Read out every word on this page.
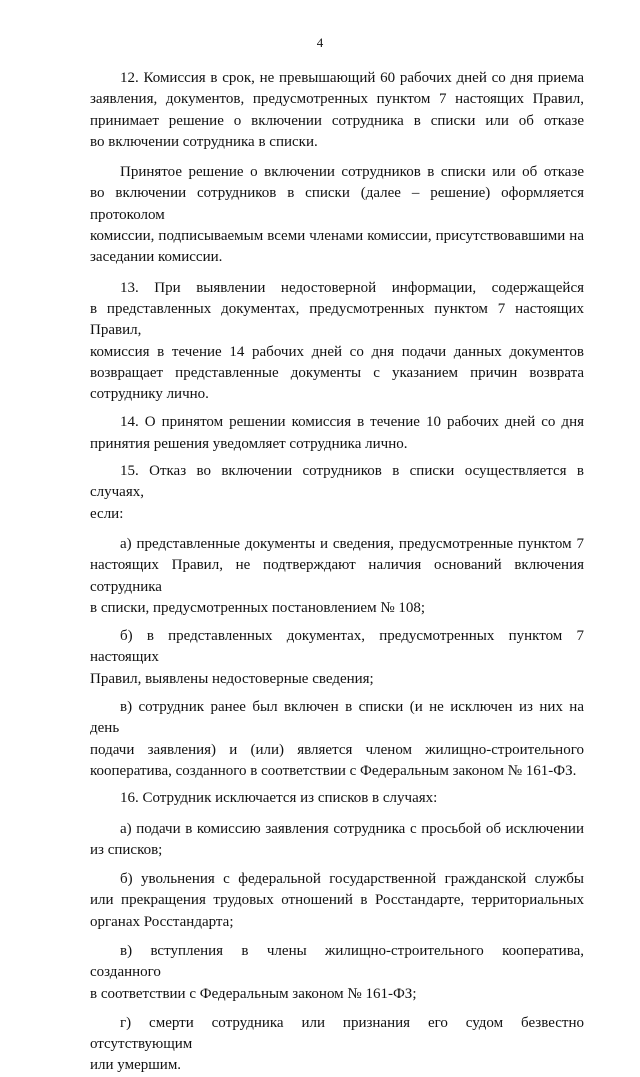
4
12. Комиссия в срок, не превышающий 60 рабочих дней со дня приема
заявления, документов, предусмотренных пунктом 7 настоящих Правил,
принимает решение о включении сотрудника в списки или об отказе
во включении сотрудника в списки.
Принятое решение о включении сотрудников в списки или об отказе
во включении сотрудников в списки (далее – решение) оформляется протоколом
комиссии, подписываемым всеми членами комиссии, присутствовавшими на
заседании комиссии.
13. При выявлении недостоверной информации, содержащейся
в представленных документах, предусмотренных пунктом 7 настоящих Правил,
комиссия в течение 14 рабочих дней со дня подачи данных документов
возвращает представленные документы с указанием причин возврата
сотруднику лично.
14. О принятом решении комиссия в течение 10 рабочих дней со дня
принятия решения уведомляет сотрудника лично.
15. Отказ во включении сотрудников в списки осуществляется в случаях,
если:
а) представленные документы и сведения, предусмотренные пунктом 7
настоящих Правил, не подтверждают наличия оснований включения сотрудника
в списки, предусмотренных постановлением № 108;
б) в представленных документах, предусмотренных пунктом 7 настоящих
Правил, выявлены недостоверные сведения;
в) сотрудник ранее был включен в списки (и не исключен из них на день
подачи заявления) и (или) является членом жилищно-строительного
кооператива, созданного в соответствии с Федеральным законом № 161-ФЗ.
16. Сотрудник исключается из списков в случаях:
а) подачи в комиссию заявления сотрудника с просьбой об исключении
из списков;
б) увольнения с федеральной государственной гражданской службы
или прекращения трудовых отношений в Росстандарте, территориальных
органах Росстандарта;
в) вступления в члены жилищно-строительного кооператива, созданного
в соответствии с Федеральным законом № 161-ФЗ;
г) смерти сотрудника или признания его судом безвестно отсутствующим
или умершим.
